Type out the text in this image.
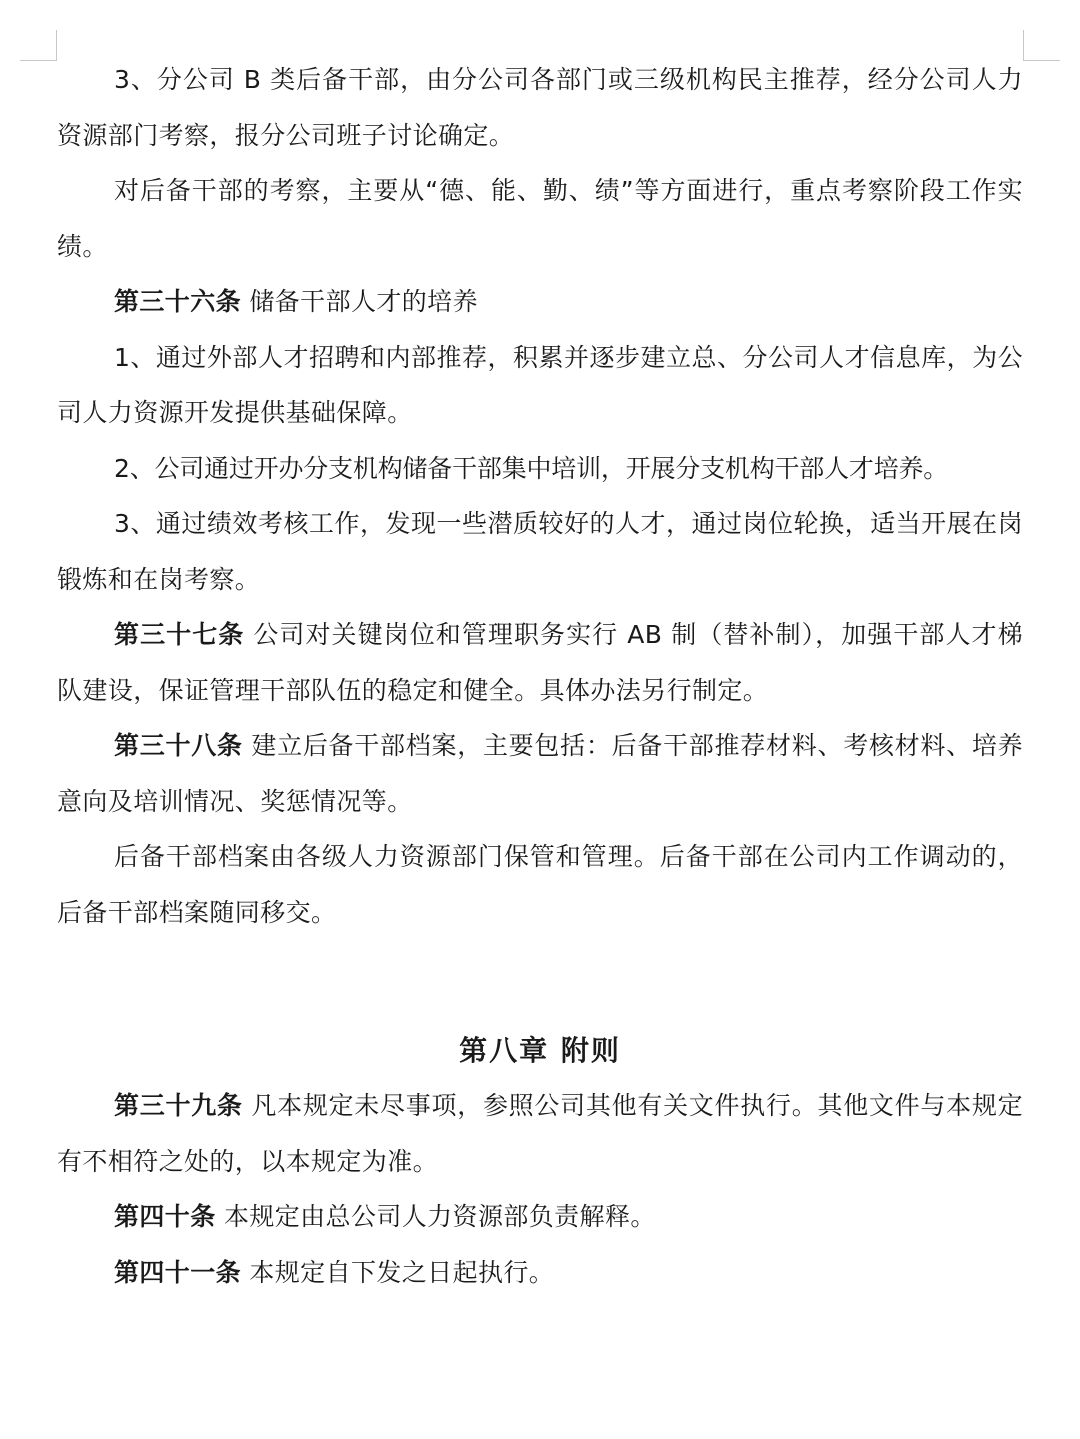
3、分公司 B 类后备干部，由分公司各部门或三级机构民主推荐，经分公司人力资源部门考察，报分公司班子讨论确定。

对后备干部的考察，主要从“德、能、勤、绩”等方面进行，重点考察阶段工作实绩。

第三十六条 储备干部人才的培养

1、通过外部人才招聘和内部推荐，积累并逐步建立总、分公司人才信息库，为公司人力资源开发提供基础保障。

2、公司通过开办分支机构储备干部集中培训，开展分支机构干部人才培养。

3、通过绩效考核工作，发现一些潜质较好的人才，通过岗位轮换，适当开展在岗锻炼和在岗考察。

第三十七条 公司对关键岗位和管理职务实行 AB 制（替补制），加强干部人才梯队建设，保证管理干部队伍的稳定和健全。具体办法另行制定。

第三十八条 建立后备干部档案，主要包括：后备干部推荐材料、考核材料、培养意向及培训情况、奖惩情况等。

后备干部档案由各级人力资源部门保管和管理。后备干部在公司内工作调动的，后备干部档案随同移交。

第八章 附则

第三十九条 凡本规定未尽事项，参照公司其他有关文件执行。其他文件与本规定有不相符之处的，以本规定为准。

第四十条 本规定由总公司人力资源部负责解释。

第四十一条 本规定自下发之日起执行。
